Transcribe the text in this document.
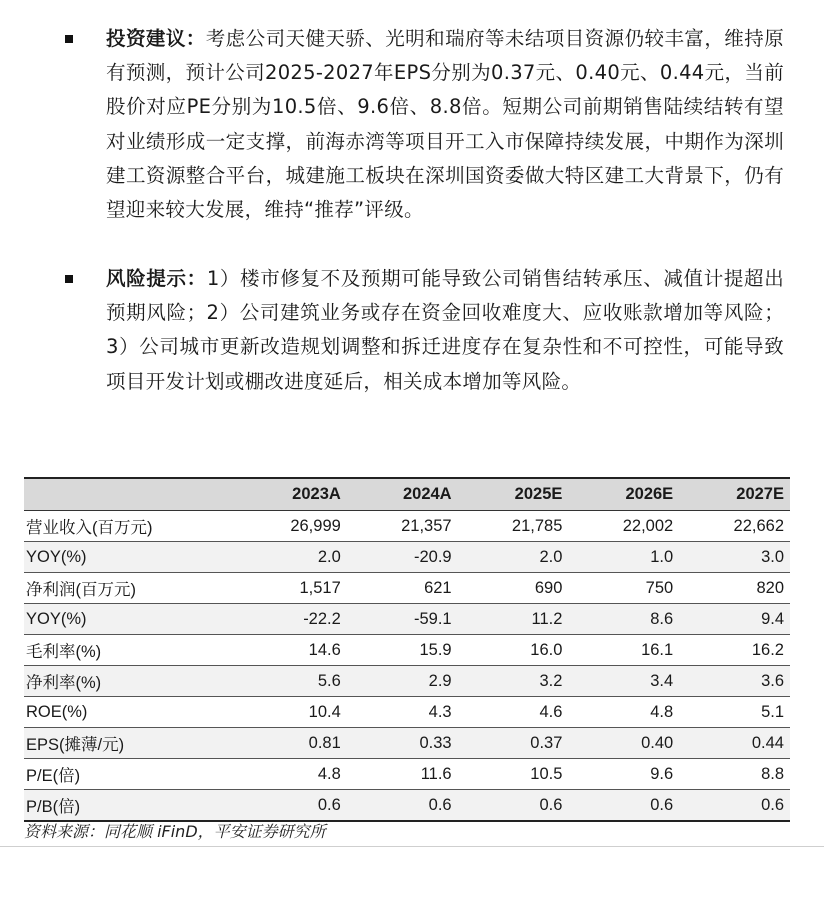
投资建议：考虑公司天健天骄、光明和瑞府等未结项目资源仍较丰富，维持原有预测，预计公司2025-2027年EPS分别为0.37元、0.40元、0.44元，当前股价对应PE分别为10.5倍、9.6倍、8.8倍。短期公司前期销售陆续结转有望对业绩形成一定支撑，前海赤湾等项目开工入市保障持续发展，中期作为深圳建工资源整合平台，城建施工板块在深圳国资委做大特区建工大背景下，仍有望迎来较大发展，维持“推荐”评级。

风险提示：1）楼市修复不及预期可能导致公司销售结转承压、减值计提超出预期风险；2）公司建筑业务或存在资金回收难度大、应收账款增加等风险；3）公司城市更新改造规划调整和拆迁进度存在复杂性和不可控性，可能导致项目开发计划或棚改进度延后，相关成本增加等风险。

	2023A	2024A	2025E	2026E	2027E
营业收入(百万元)	26,999	21,357	21,785	22,002	22,662
YOY(%)	2.0	-20.9	2.0	1.0	3.0
净利润(百万元)	1,517	621	690	750	820
YOY(%)	-22.2	-59.1	11.2	8.6	9.4
毛利率(%)	14.6	15.9	16.0	16.1	16.2
净利率(%)	5.6	2.9	3.2	3.4	3.6
ROE(%)	10.4	4.3	4.6	4.8	5.1
EPS(摊薄/元)	0.81	0.33	0.37	0.40	0.44
P/E(倍)	4.8	11.6	10.5	9.6	8.8
P/B(倍)	0.6	0.6	0.6	0.6	0.6
资料来源：同花顺 iFinD，平安证券研究所
